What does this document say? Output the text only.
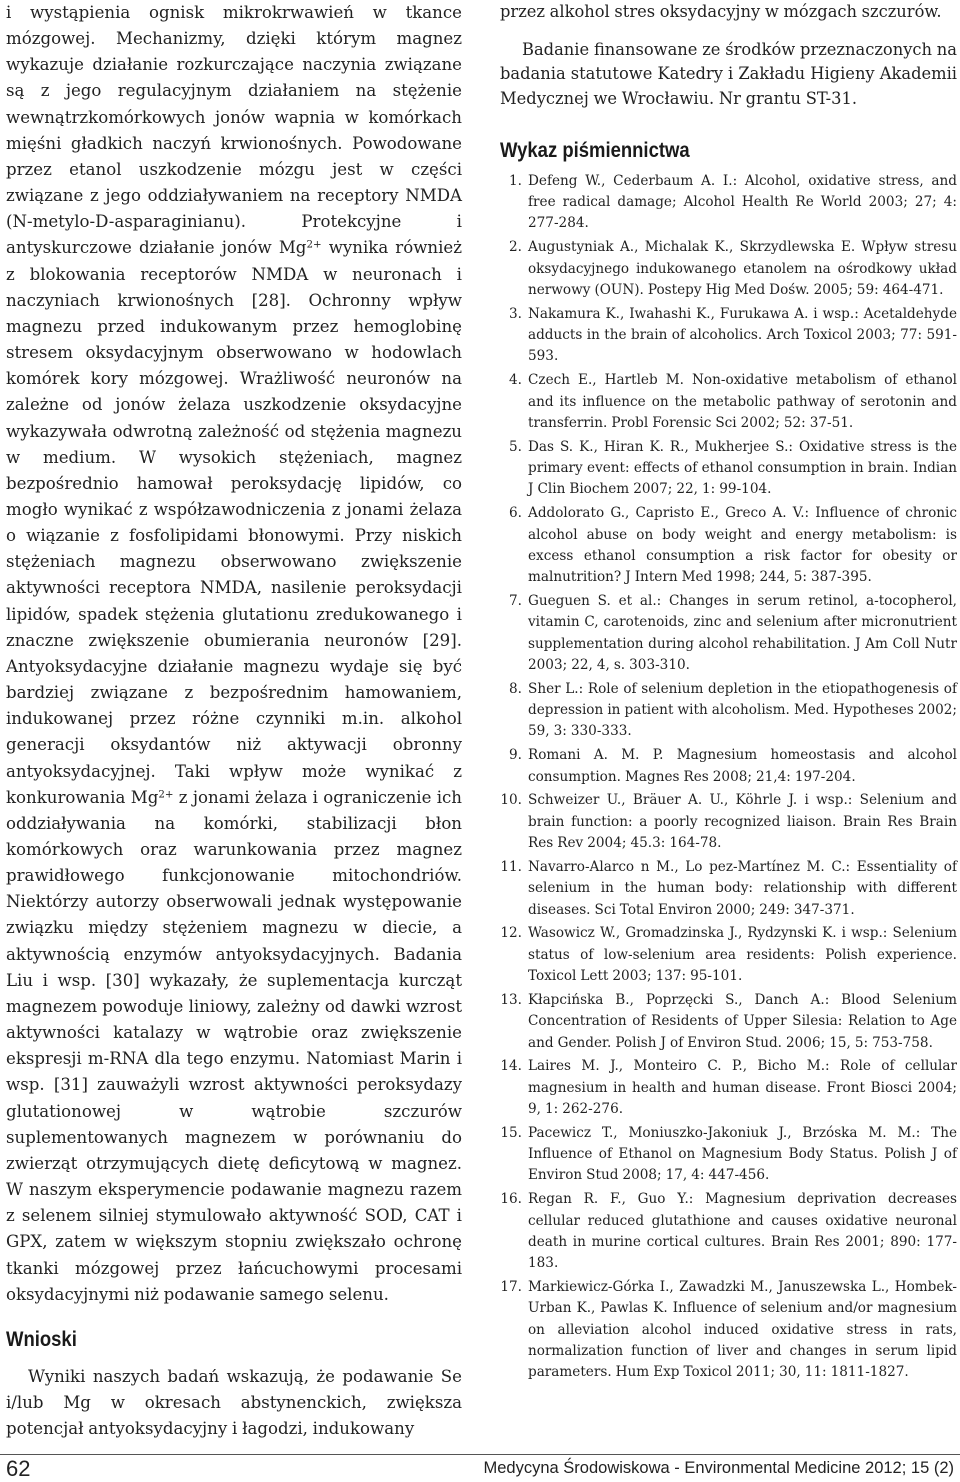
i wystąpienia ognisk mikrokrwawień w tkance mózgowej. Mechanizmy, dzięki którym magnez wykazuje działanie rozkurczające naczynia związane są z jego regulacyjnym działaniem na stężenie wewnątrzkomórkowych jonów wapnia w komórkach mięśni gładkich naczyń krwionośnych. Powodowane przez etanol uszkodzenie mózgu jest w części związane z jego oddziaływaniem na receptory NMDA (N-metylo-D-asparaginianu). Protekcyjne i antyskurczowe działanie jonów $Mg^{2+}$ wynika również z blokowania receptorów NMDA w neuronach i naczyniach krwionośnych [28]. Ochronny wpływ magnezu przed indukowanym przez hemoglobinę stresem oksydacyjnym obserwowano w hodowlach komórek kory mózgowej. Wrażliwość neuronów na zależne od jonów żelaza uszkodzenie oksydacyjne wykazywała odwrotną zależność od stężenia magnezu w medium. W wysokich stężeniach, magnez bezpośrednio hamował peroksydację lipidów, co mogło wynikać z współzawodniczenia z jonami żelaza o wiązanie z fosfolipidami błonowymi. Przy niskich stężeniach magnezu obserwowano zwiększenie aktywności receptora NMDA, nasilenie peroksydacji lipidów, spadek stężenia glutationu zredukowanego i znaczne zwiększenie obumierania neuronów [29]. Antyoksydacyjne działanie magnezu wydaje się być bardziej związane z bezpośrednim hamowaniem, indukowanej przez różne czynniki m.in. alkohol generacji oksydantów niż aktywacji obronny antyoksydacyjnej. Taki wpływ może wynikać z konkurowania $Mg^{2+}$ z jonami żelaza i ograniczenie ich oddziaływania na komórki, stabilizacji błon komórkowych oraz warunkowania przez magnez prawidłowego funkcjonowanie mitochondriów. Niektórzy autorzy obserwowali jednak występowanie związku między stężeniem magnezu w diecie, a aktywnością enzymów antyoksydacyjnych. Badania Liu i wsp. [30] wykazały, że suplementacja kurcząt magnezem powoduje liniowy, zależny od dawki wzrost aktywności katalazy w wątrobie oraz zwiększenie ekspresji m-RNA dla tego enzymu. Natomiast Marin i wsp. [31] zauważyli wzrost aktywności peroksydazy glutationowej w wątrobie szczurów suplementowanych magnezem w porównaniu do zwierząt otrzymujących dietę deficytową w magnez. W naszym eksperymencie podawanie magnezu razem z selenem silniej stymulowało aktywność SOD, CAT i GPX, zatem w większym stopniu zwiększało ochronę tkanki mózgowej przez łańcuchowymi procesami oksydacyjnymi niż podawanie samego selenu.

Wnioski

Wyniki naszych badań wskazują, że podawanie Se i/lub Mg w okresach abstynenckich, zwiększa potencjał antyoksydacyjny i łagodzi, indukowany

przez alkohol stres oksydacyjny w mózgach szczurów.

Badanie finansowane ze środków przeznaczonych na badania statutowe Katedry i Zakładu Higieny Akademii Medycznej we Wrocławiu. Nr grantu ST-31.

Wykaz piśmiennictwa
1. Defeng W., Cederbaum A. I.: Alcohol, oxidative stress, and free radical damage; Alcohol Health Re World 2003; 27; 4: 277-284.
2. Augustyniak A., Michalak K., Skrzydlewska E. Wpływ stresu oksydacyjnego indukowanego etanolem na ośrodkowy układ nerwowy (OUN). Postepy Hig Med Dośw. 2005; 59: 464-471.
3. Nakamura K., Iwahashi K., Furukawa A. i wsp.: Acetaldehyde adducts in the brain of alcoholics. Arch Toxicol 2003; 77: 591-593.
4. Czech E., Hartleb M. Non-oxidative metabolism of ethanol and its influence on the metabolic pathway of serotonin and transferrin. Probl Forensic Sci 2002; 52: 37-51.
5. Das S. K., Hiran K. R., Mukherjee S.: Oxidative stress is the primary event: effects of ethanol consumption in brain. Indian J Clin Biochem 2007; 22, 1: 99-104.
6. Addolorato G., Capristo E., Greco A. V.: Influence of chronic alcohol abuse on body weight and energy metabolism: is excess ethanol consumption a risk factor for obesity or malnutrition? J Intern Med 1998; 244, 5: 387-395.
7. Gueguen S. et al.: Changes in serum retinol, a-tocopherol, vitamin C, carotenoids, zinc and selenium after micronutrient supplementation during alcohol rehabilitation. J Am Coll Nutr 2003; 22, 4, s. 303-310.
8. Sher L.: Role of selenium depletion in the etiopathogenesis of depression in patient with alcoholism. Med. Hypotheses 2002; 59, 3: 330-333.
9. Romani A. M. P. Magnesium homeostasis and alcohol consumption. Magnes Res 2008; 21,4: 197-204.
10. Schweizer U., Bräuer A. U., Köhrle J. i wsp.: Selenium and brain function: a poorly recognized liaison. Brain Res Brain Res Rev 2004; 45.3: 164-78.
11. Navarro-Alarco n M., Lo pez-Martínez M. C.: Essentiality of selenium in the human body: relationship with different diseases. Sci Total Environ 2000; 249: 347-371.
12. Wasowicz W., Gromadzinska J., Rydzynski K. i wsp.: Selenium status of low-selenium area residents: Polish experience. Toxicol Lett 2003; 137: 95-101.
13. Kłapcińska B., Poprzęcki S., Danch A.: Blood Selenium Concentration of Residents of Upper Silesia: Relation to Age and Gender. Polish J of Environ Stud. 2006; 15, 5: 753-758.
14. Laires M. J., Monteiro C. P., Bicho M.: Role of cellular magnesium in health and human disease. Front Biosci 2004; 9, 1: 262-276.
15. Pacewicz T., Moniuszko-Jakoniuk J., Brzóska M. M.: The Influence of Ethanol on Magnesium Body Status. Polish J of Environ Stud 2008; 17, 4: 447-456.
16. Regan R. F., Guo Y.: Magnesium deprivation decreases cellular reduced glutathione and causes oxidative neuronal death in murine cortical cultures. Brain Res 2001; 890: 177-183.
17. Markiewicz-Górka I., Zawadzki M., Januszewska L., Hombek-Urban K., Pawlas K. Influence of selenium and/or magnesium on alleviation alcohol induced oxidative stress in rats, normalization function of liver and changes in serum lipid parameters. Hum Exp Toxicol 2011; 30, 11: 1811-1827.
62	Medycyna Środowiskowa - Environmental Medicine 2012; 15 (2)
